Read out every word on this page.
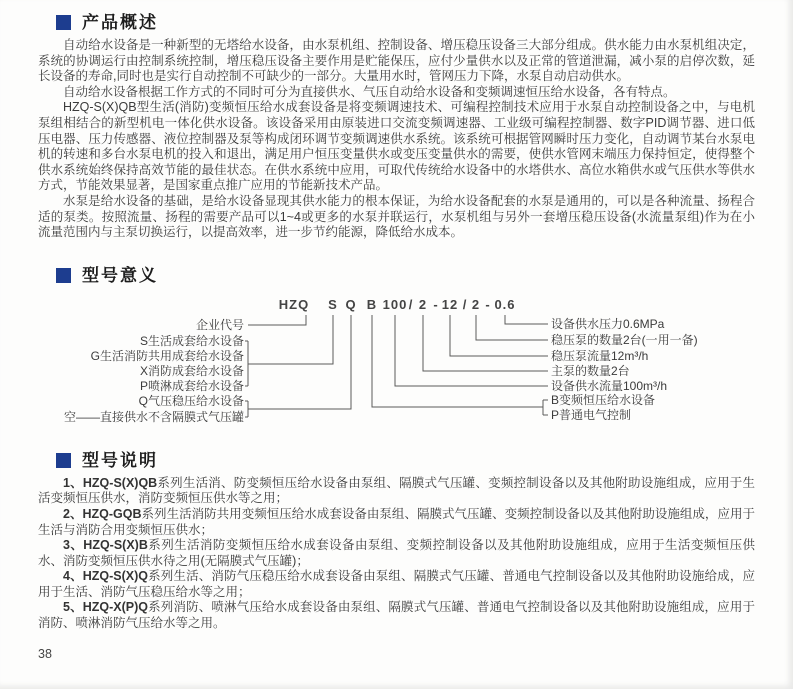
产品概述

自动给水设备是一种新型的无塔给水设备，由水泵机组、控制设备、增压稳压设备三大部分组成。供水能力由水泵机组决定，系统的协调运行由控制系统控制，增压稳压设备主要作用是贮能保压，应付少量供水以及正常的管道泄漏，减小泵的启停次数，延长设备的寿命,同时也是实行自动控制不可缺少的一部分。大量用水时，管网压力下降，水泵自动启动供水。

自动给水设备根据工作方式的不同时可分为直接供水、气压自动给水设备和变频调速恒压给水设备，各有特点。

HZQ-S(X)QB型生活(消防)变频恒压给水成套设备是将变频调速技术、可编程控制技术应用于水泵自动控制设备之中，与电机泵组相结合的新型机电一体化供水设备。该设备采用由原装进口交流变频调速器、工业级可编程控制器、数字PID调节器、进口低压电器、压力传感器、液位控制器及泵等构成闭环调节变频调速供水系统。该系统可根据管网瞬时压力变化，自动调节某台水泵电机的转速和多台水泵电机的投入和退出，满足用户恒压变量供水或变压变量供水的需要，使供水管网末端压力保持恒定，使得整个供水系统始终保持高效节能的最佳状态。在供水系统中应用，可取代传统给水设备中的水塔供水、高位水箱供水或气压供水等供水方式，节能效果显著，是国家重点推广应用的节能新技术产品。

水泵是给水设备的基础，是给水设备显现其供水能力的根本保证，为给水设备配套的水泵是通用的，可以是各种流量、扬程合适的泵类。按照流量、扬程的需要产品可以1~4或更多的水泵并联运行，水泵机组与另外一套增压稳压设备(水流量泵组)作为在小流量范围内与主泵切换运行，以提高效率，进一步节约能源，降低给水成本。

型号意义
HZQ S Q B 100 / 2 - 12 / 2 - 0.6
企业代号
S生活成套给水设备
G生活消防共用成套给水设备
X消防成套给水设备
P喷淋成套给水设备
Q气压稳压给水设备
空——直接供水不含隔膜式气压罐
设备供水压力0.6MPa
稳压泵的数量2台(一用一备)
稳压泵流量12m³/h
主泵的数量2台
设备供水流量100m³/h
B变频恒压给水设备
P普通电气控制
型号说明

1、HZQ-S(X)QB系列生活消、防变频恒压给水设备由泵组、隔膜式气压罐、变频控制设备以及其他附助设施组成，应用于生活变频恒压供水，消防变频恒压供水等之用；

2、HZQ-GQB系列生活消防共用变频恒压给水成套设备由泵组、隔膜式气压罐、变频控制设备以及其他附助设施组成，应用于生活与消防合用变频恒压供水；

3、HZQ-S(X)B系列生活消防变频恒压给水成套设备由泵组、变频控制设备以及其他附助设施组成，应用于生活变频恒压供水、消防变频恒压供水待之用(无隔膜式气压罐)；

4、HZQ-S(X)Q系列生活、消防气压稳压给水成套设备由泵组、隔膜式气压罐、普通电气控制设备以及其他附助设施给成，应用于生活、消防气压稳压给水等之用；

5、HZQ-X(P)Q系列消防、喷淋气压给水成套设备由泵组、隔膜式气压罐、普通电气控制设备以及其他附助设施组成，应用于消防、喷淋消防气压给水等之用。

38
